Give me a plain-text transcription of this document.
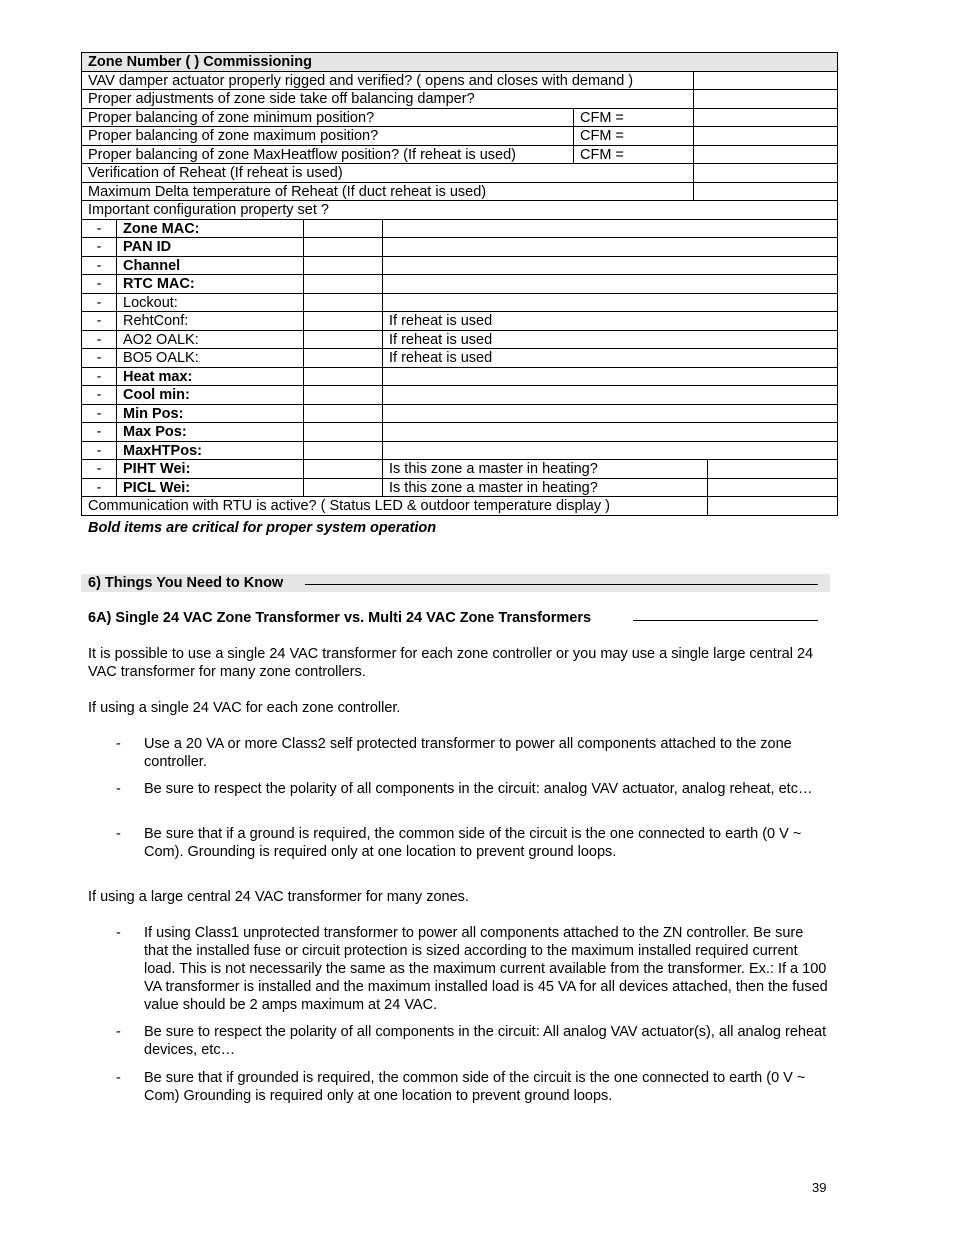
Zone Number ( ) Commissioning						
VAV damper actuator properly rigged and verified? ( opens and closes with demand )						
Proper adjustments of zone side take off balancing damper?						
Proper balancing of zone minimum position?				CFM =		
Proper balancing of zone maximum position?				CFM =		
Proper balancing of zone MaxHeatflow position? (If reheat is used)				CFM =		
Verification of Reheat (If reheat is used)						
Maximum Delta temperature of Reheat (If duct reheat is used)						
Important configuration property set ?						
-	Zone MAC:					
-	PAN ID					
-	Channel					
-	RTC MAC:					
-	Lockout:					
-	RehtConf:		If reheat is used			
-	AO2 OALK:		If reheat is used			
-	BO5 OALK:		If reheat is used			
-	Heat max:					
-	Cool min:					
-	Min Pos:					
-	Max Pos:					
-	MaxHTPos:					
-	PIHT Wei:		Is this zone a master in heating?			
-	PICL Wei:		Is this zone a master in heating?			
Communication with RTU is active? ( Status LED & outdoor temperature display )						
Bold items are critical for proper system operation
6) Things You Need to Know
6A) Single 24 VAC Zone Transformer vs. Multi 24 VAC Zone Transformers
It is possible to use a single 24 VAC transformer for each zone controller or you may use a single large central 24 VAC transformer for many zone controllers.
If using a single 24 VAC for each zone controller.
- Use a 20 VA or more Class2 self protected transformer to power all components attached to the zone controller.
- Be sure to respect the polarity of all components in the circuit: analog VAV actuator, analog reheat, etc…
- Be sure that if a ground is required, the common side of the circuit is the one connected to earth (0 V ~ Com). Grounding is required only at one location to prevent ground loops.
If using a large central 24 VAC transformer for many zones.
- If using Class1 unprotected transformer to power all components attached to the ZN controller. Be sure that the installed fuse or circuit protection is sized according to the maximum installed required current load. This is not necessarily the same as the maximum current available from the transformer. Ex.: If a 100 VA transformer is installed and the maximum installed load is 45 VA for all devices attached, then the fused value should be 2 amps maximum at 24 VAC.
- Be sure to respect the polarity of all components in the circuit: All analog VAV actuator(s), all analog reheat devices, etc…
- Be sure that if grounded is required, the common side of the circuit is the one connected to earth (0 V ~ Com) Grounding is required only at one location to prevent ground loops.
39
